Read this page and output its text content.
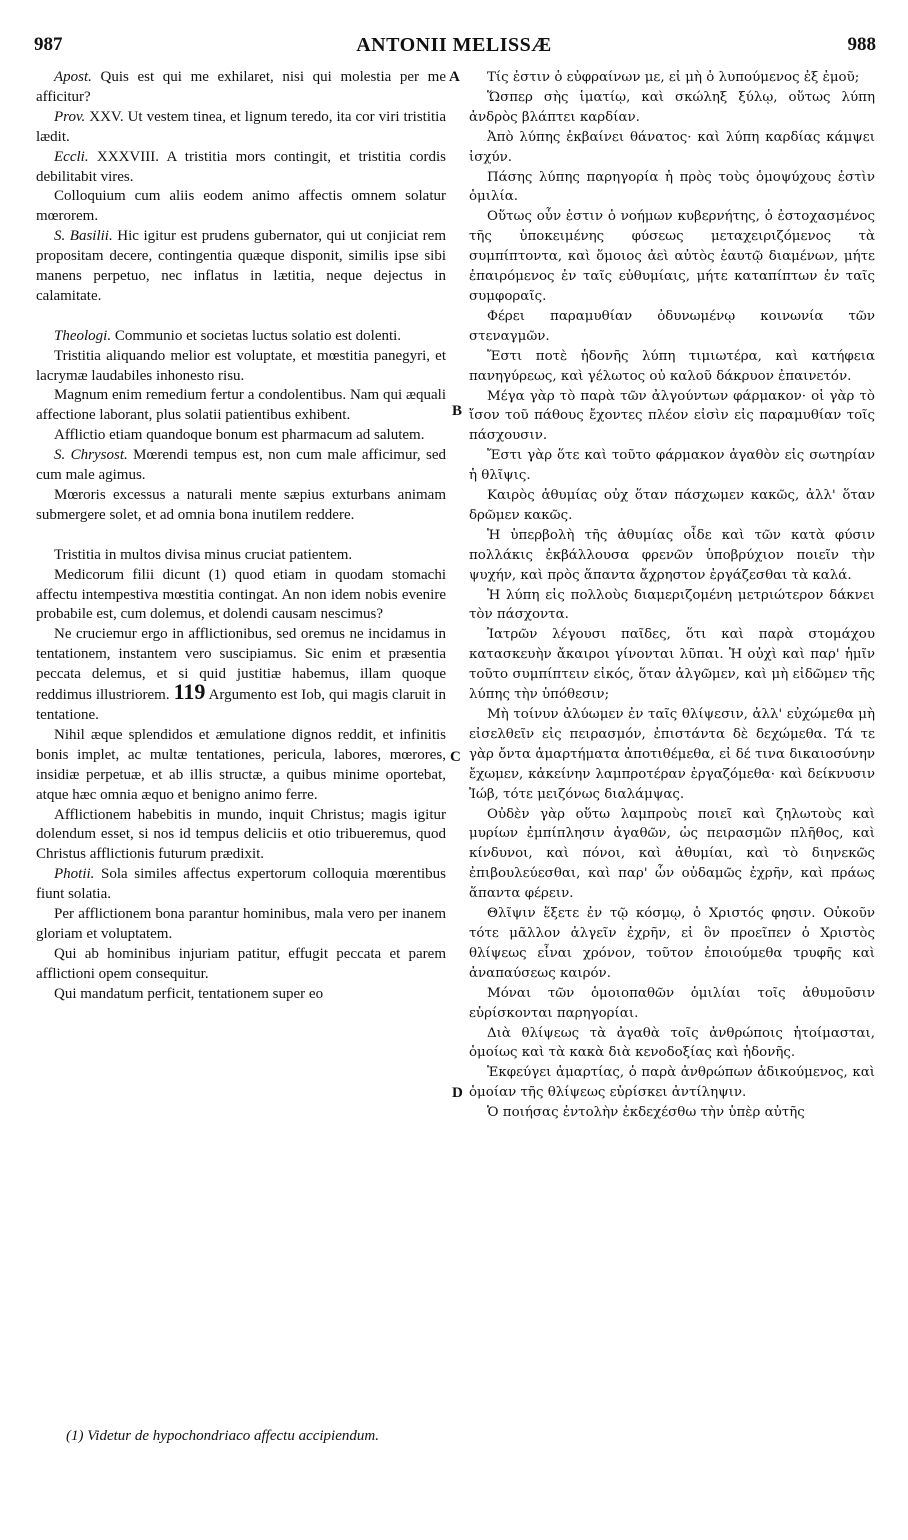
987	ANTONII MELISSÆ	988
A
B
C
D

Apost. Quis est qui me exhilaret, nisi qui molestia per me afficitur?

Prov. XXV. Ut vestem tinea, et lignum teredo, ita cor viri tristitia lædit.

Eccli. XXXVIII. A tristitia mors contingit, et tristitia cordis debilitabit vires.

Colloquium cum aliis eodem animo affectis omnem solatur mœrorem.

S. Basilii. Hic igitur est prudens gubernator, qui ut conjiciat rem propositam decere, contingentia quæque disponit, similis ipse sibi manens perpetuo, nec inflatus in lætitia, neque dejectus in calamitate.

Theologi. Communio et societas luctus solatio est dolenti.

Tristitia aliquando melior est voluptate, et mœstitia panegyri, et lacrymæ laudabiles inhonesto risu.

Magnum enim remedium fertur a condolentibus. Nam qui æquali affectione laborant, plus solatii patientibus exhibent.

Afflictio etiam quandoque bonum est pharmacum ad salutem.

S. Chrysost. Mœrendi tempus est, non cum male afficimur, sed cum male agimus.

Mœroris excessus a naturali mente sæpius exturbans animam submergere solet, et ad omnia bona inutilem reddere.

Tristitia in multos divisa minus cruciat patientem.

Medicorum filii dicunt (1) quod etiam in quodam stomachi affectu intempestiva mœstitia contingat. An non idem nobis evenire probabile est, cum dolemus, et dolendi causam nescimus?

Ne cruciemur ergo in afflictionibus, sed oremus ne incidamus in tentationem, instantem vero suscipiamus. Sic enim et præsentia peccata delemus, et si quid justitiæ habemus, illam quoque reddimus illustriorem. 119 Argumento est Iob, qui magis claruit in tentatione.

Nihil æque splendidos et æmulatione dignos reddit, et infinitis bonis implet, ac multæ tentationes, pericula, labores, mœrores, insidiæ perpetuæ, et ab illis structæ, a quibus minime oportebat, atque hæc omnia æquo et benigno animo ferre.

Afflictionem habebitis in mundo, inquit Christus; magis igitur dolendum esset, si nos id tempus deliciis et otio tribueremus, quod Christus afflictionis futurum prædixit.

Photii. Sola similes affectus expertorum colloquia mœrentibus fiunt solatia.

Per afflictionem bona parantur hominibus, mala vero per inanem gloriam et voluptatem.

Qui ab hominibus injuriam patitur, effugit peccata et parem afflictioni opem consequitur.

Qui mandatum perficit, tentationem super eo

Τίς ἐστιν ὁ εὐφραίνων με, εἰ μὴ ὁ λυπούμενος ἐξ ἐμοῦ;

Ὥσπερ σὴς ἱματίῳ, καὶ σκώληξ ξύλῳ, οὕτως λύπη ἀνδρὸς βλάπτει καρδίαν.

Ἀπὸ λύπης ἐκβαίνει θάνατος· καὶ λύπη καρδίας κάμψει ἰσχύν.

Πάσης λύπης παρηγορία ἡ πρὸς τοὺς ὁμοψύχους ἐστὶν ὁμιλία.

Οὕτως οὖν ἐστιν ὁ νοήμων κυβερνήτης, ὁ ἐστοχασμένος τῆς ὑποκειμένης φύσεως μεταχειριζόμενος τὰ συμπίπτοντα, καὶ ὅμοιος ἀεὶ αὐτὸς ἑαυτῷ διαμένων, μήτε ἐπαιρόμενος ἐν ταῖς εὐθυμίαις, μήτε καταπίπτων ἐν ταῖς συμφοραῖς.

Φέρει παραμυθίαν ὀδυνωμένῳ κοινωνία τῶν στεναγμῶν.

Ἔστι ποτὲ ἡδονῆς λύπη τιμιωτέρα, καὶ κατήφεια πανηγύρεως, καὶ γέλωτος οὐ καλοῦ δάκρυον ἐπαινετόν.

Μέγα γὰρ τὸ παρὰ τῶν ἀλγούντων φάρμακον· οἱ γὰρ τὸ ἴσον τοῦ πάθους ἔχοντες πλέον εἰσὶν εἰς παραμυθίαν τοῖς πάσχουσιν.

Ἔστι γὰρ ὅτε καὶ τοῦτο φάρμακον ἀγαθὸν εἰς σωτηρίαν ἡ θλῖψις.

Καιρὸς ἀθυμίας οὐχ ὅταν πάσχωμεν κακῶς, ἀλλ' ὅταν δρῶμεν κακῶς.

Ἡ ὑπερβολὴ τῆς ἀθυμίας οἶδε καὶ τῶν κατὰ φύσιν πολλάκις ἐκβάλλουσα φρενῶν ὑποβρύχιον ποιεῖν τὴν ψυχήν, καὶ πρὸς ἅπαντα ἄχρηστον ἐργάζεσθαι τὰ καλά.

Ἡ λύπη εἰς πολλοὺς διαμεριζομένη μετριώτερον δάκνει τὸν πάσχοντα.

Ἰατρῶν λέγουσι παῖδες, ὅτι καὶ παρὰ στομάχου κατασκευὴν ἄκαιροι γίνονται λῦπαι. Ἡ οὐχὶ καὶ παρ' ἡμῖν τοῦτο συμπίπτειν εἰκός, ὅταν ἀλγῶμεν, καὶ μὴ εἰδῶμεν τῆς λύπης τὴν ὑπόθεσιν;

Μὴ τοίνυν ἀλύωμεν ἐν ταῖς θλίψεσιν, ἀλλ' εὐχώμεθα μὴ εἰσελθεῖν εἰς πειρασμόν, ἐπιστάντα δὲ δεχώμεθα. Τά τε γὰρ ὄντα ἁμαρτήματα ἀποτιθέμεθα, εἰ δέ τινα δικαιοσύνην ἔχωμεν, κἀκείνην λαμπροτέραν ἐργαζόμεθα· καὶ δείκνυσιν Ἰώβ, τότε μειζόνως διαλάμψας.

Οὐδὲν γὰρ οὕτω λαμπροὺς ποιεῖ καὶ ζηλωτοὺς καὶ μυρίων ἐμπίπλησιν ἀγαθῶν, ὡς πειρασμῶν πλῆθος, καὶ κίνδυνοι, καὶ πόνοι, καὶ ἀθυμίαι, καὶ τὸ διηνεκῶς ἐπιβουλεύεσθαι, καὶ παρ' ὧν οὐδαμῶς ἐχρῆν, καὶ πράως ἅπαντα φέρειν.

Θλῖψιν ἕξετε ἐν τῷ κόσμῳ, ὁ Χριστός φησιν. Οὐκοῦν τότε μᾶλλον ἀλγεῖν ἐχρῆν, εἰ ὃν προεῖπεν ὁ Χριστὸς θλίψεως εἶναι χρόνον, τοῦτον ἐποιούμεθα τρυφῆς καὶ ἀναπαύσεως καιρόν.

Μόναι τῶν ὁμοιοπαθῶν ὁμιλίαι τοῖς ἀθυμοῦσιν εὑρίσκονται παρηγορίαι.

Διὰ θλίψεως τὰ ἀγαθὰ τοῖς ἀνθρώποις ἡτοίμασται, ὁμοίως καὶ τὰ κακὰ διὰ κενοδοξίας καὶ ἡδονῆς.

Ἐκφεύγει ἁμαρτίας, ὁ παρὰ ἀνθρώπων ἀδικούμενος, καὶ ὁμοίαν τῆς θλίψεως εὑρίσκει ἀντίληψιν.

Ὁ ποιήσας ἐντολὴν ἐκδεχέσθω τὴν ὑπὲρ αὐτῆς

(1) Videtur de hypochondriaco affectu accipiendum.
